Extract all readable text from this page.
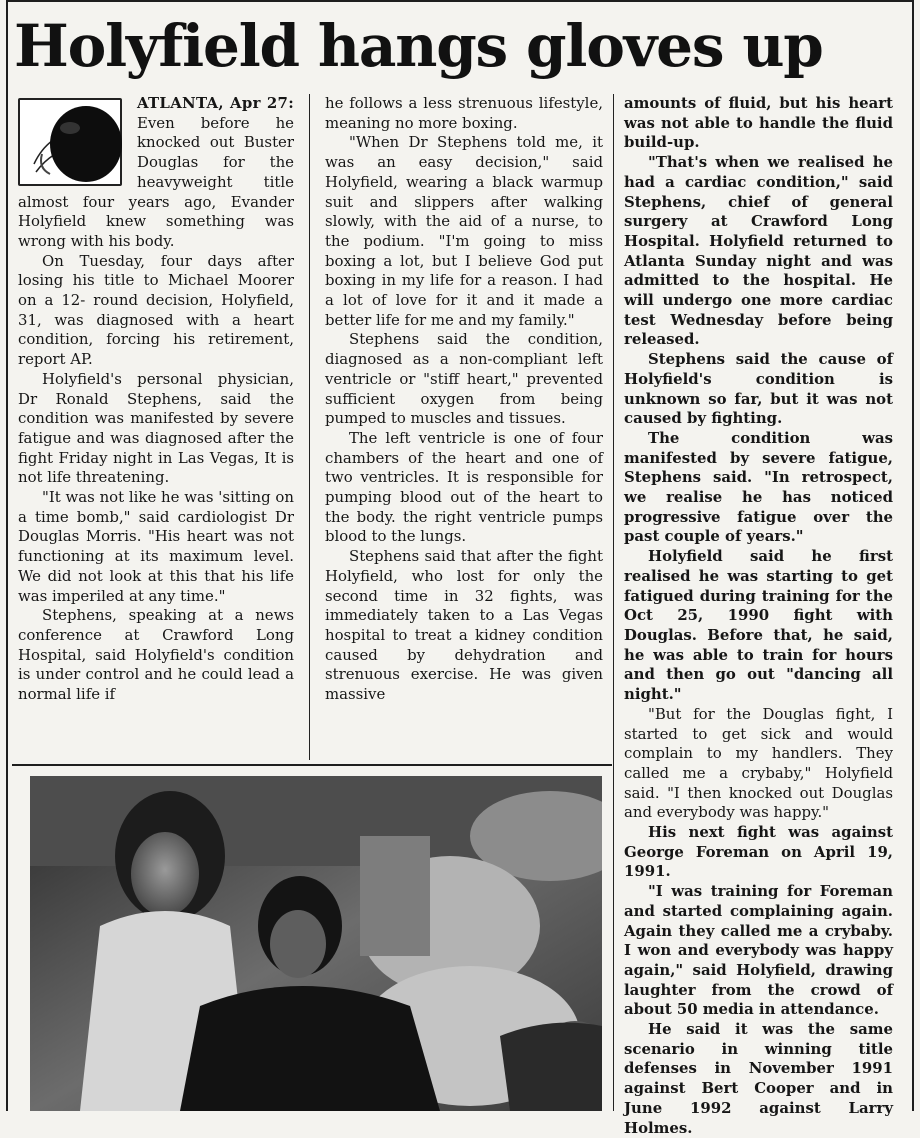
Holyfield hangs gloves up

ATLANTA, Apr 27: Even before he knocked out Buster Douglas for the heavyweight title almost four years ago, Evander Holyfield knew something was wrong with his body.

On Tuesday, four days after losing his title to Michael Moorer on a 12- round decision, Holyfield, 31, was diagnosed with a heart condition, forcing his retirement, report AP.

Holyfield's personal physician, Dr Ronald Stephens, said the condition was manifested by severe fatigue and was diagnosed after the fight Friday night in Las Vegas, It is not life threatening.

"It was not like he was 'sitting on a time bomb," said cardiologist Dr Douglas Morris. "His heart was not functioning at its maximum level. We did not look at this that his life was imperiled at any time."

Stephens, speaking at a news conference at Crawford Long Hospital, said Holyfield's condition is under control and he could lead a normal life if

he follows a less strenuous lifestyle, meaning no more boxing.

"When Dr Stephens told me, it was an easy decision," said Holyfield, wearing a black warmup suit and slippers after walking slowly, with the aid of a nurse, to the podium. "I'm going to miss boxing a lot, but I believe God put boxing in my life for a reason. I had a lot of love for it and it made a better life for me and my family."

Stephens said the condition, diagnosed as a non-compliant left ventricle or "stiff heart," prevented sufficient oxygen from being pumped to muscles and tissues.

The left ventricle is one of four chambers of the heart and one of two ventricles. It is responsible for pumping blood out of the heart to the body. the right ventricle pumps blood to the lungs.

Stephens said that after the fight Holyfield, who lost for only the second time in 32 fights, was immediately taken to a Las Vegas hospital to treat a kidney condition caused by dehydration and strenuous exercise. He was given massive

amounts of fluid, but his heart was not able to handle the fluid build-up.

"That's when we realised he had a cardiac condition," said Stephens, chief of general surgery at Crawford Long Hospital. Holyfield returned to Atlanta Sunday night and was admitted to the hospital. He will undergo one more cardiac test Wednesday before being released.

Stephens said the cause of Holyfield's condition is unknown so far, but it was not caused by fighting.

The condition was manifested by severe fatigue, Stephens said. "In retrospect, we realise he has noticed progressive fatigue over the past couple of years."

Holyfield said he first realised he was starting to get fatigued during training for the Oct 25, 1990 fight with Douglas. Before that, he said, he was able to train for hours and then go out "dancing all night."

"But for the Douglas fight, I started to get sick and would complain to my handlers. They called me a crybaby," Holyfield said. "I then knocked out Douglas and everybody was happy."

His next fight was against George Foreman on April 19, 1991.

"I was training for Foreman and started complaining again. Again they called me a crybaby. I won and everybody was happy again," said Holyfield, drawing laughter from the crowd of about 50 media in attendance.

He said it was the same scenario in winning title defenses in November 1991 against Bert Cooper and in June 1992 against Larry Holmes.
